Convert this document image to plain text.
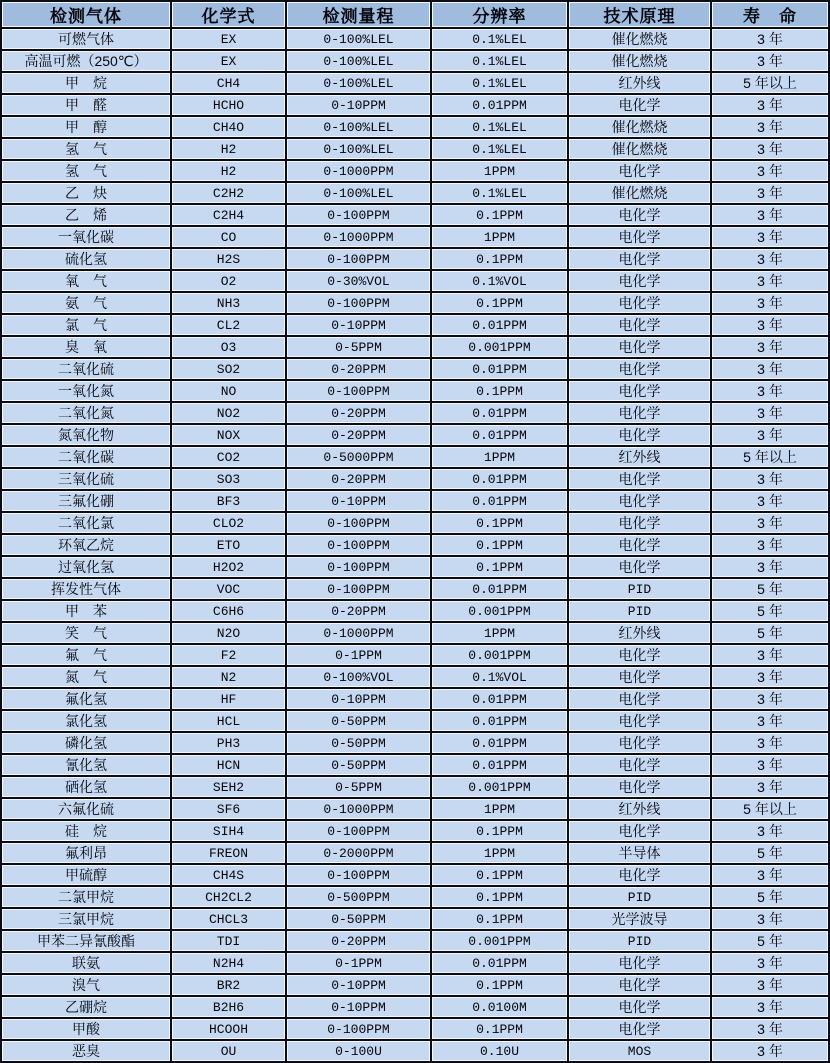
检测气体	化学式	检测量程	分辨率	技术原理	寿　命
可燃气体	EX	0-100%LEL	0.1%LEL	催化燃烧	3 年
高温可燃（250℃）	EX	0-100%LEL	0.1%LEL	催化燃烧	3 年
甲　烷	CH4	0-100%LEL	0.1%LEL	红外线	5 年以上
甲　醛	HCHO	0-10PPM	0.01PPM	电化学	3 年
甲　醇	CH4O	0-100%LEL	0.1%LEL	催化燃烧	3 年
氢　气	H2	0-100%LEL	0.1%LEL	催化燃烧	3 年
氢　气	H2	0-1000PPM	1PPM	电化学	3 年
乙　炔	C2H2	0-100%LEL	0.1%LEL	催化燃烧	3 年
乙　烯	C2H4	0-100PPM	0.1PPM	电化学	3 年
一氧化碳	CO	0-1000PPM	1PPM	电化学	3 年
硫化氢	H2S	0-100PPM	0.1PPM	电化学	3 年
氧　气	O2	0-30%VOL	0.1%VOL	电化学	3 年
氨　气	NH3	0-100PPM	0.1PPM	电化学	3 年
氯　气	CL2	0-10PPM	0.01PPM	电化学	3 年
臭　氧	O3	0-5PPM	0.001PPM	电化学	3 年
二氧化硫	SO2	0-20PPM	0.01PPM	电化学	3 年
一氧化氮	NO	0-100PPM	0.1PPM	电化学	3 年
二氧化氮	NO2	0-20PPM	0.01PPM	电化学	3 年
氮氧化物	NOX	0-20PPM	0.01PPM	电化学	3 年
二氧化碳	CO2	0-5000PPM	1PPM	红外线	5 年以上
三氧化硫	SO3	0-20PPM	0.01PPM	电化学	3 年
三氟化硼	BF3	0-10PPM	0.01PPM	电化学	3 年
二氧化氯	CLO2	0-100PPM	0.1PPM	电化学	3 年
环氧乙烷	ETO	0-100PPM	0.1PPM	电化学	3 年
过氧化氢	H2O2	0-100PPM	0.1PPM	电化学	3 年
挥发性气体	VOC	0-100PPM	0.01PPM	PID	5 年
甲　苯	C6H6	0-20PPM	0.001PPM	PID	5 年
笑　气	N2O	0-1000PPM	1PPM	红外线	5 年
氟　气	F2	0-1PPM	0.001PPM	电化学	3 年
氮　气	N2	0-100%VOL	0.1%VOL	电化学	3 年
氟化氢	HF	0-10PPM	0.01PPM	电化学	3 年
氯化氢	HCL	0-50PPM	0.01PPM	电化学	3 年
磷化氢	PH3	0-50PPM	0.01PPM	电化学	3 年
氰化氢	HCN	0-50PPM	0.01PPM	电化学	3 年
硒化氢	SEH2	0-5PPM	0.001PPM	电化学	3 年
六氟化硫	SF6	0-1000PPM	1PPM	红外线	5 年以上
硅　烷	SIH4	0-100PPM	0.1PPM	电化学	3 年
氟利昂	FREON	0-2000PPM	1PPM	半导体	5 年
甲硫醇	CH4S	0-100PPM	0.1PPM	电化学	3 年
二氯甲烷	CH2CL2	0-500PPM	0.1PPM	PID	5 年
三氯甲烷	CHCL3	0-50PPM	0.1PPM	光学波导	3 年
甲苯二异氰酸酯	TDI	0-20PPM	0.001PPM	PID	5 年
联氨	N2H4	0-1PPM	0.01PPM	电化学	3 年
溴气	BR2	0-10PPM	0.1PPM	电化学	3 年
乙硼烷	B2H6	0-10PPM	0.0100M	电化学	3 年
甲酸	HCOOH	0-100PPM	0.1PPM	电化学	3 年
恶臭	OU	0-100U	0.10U	MOS	3 年
